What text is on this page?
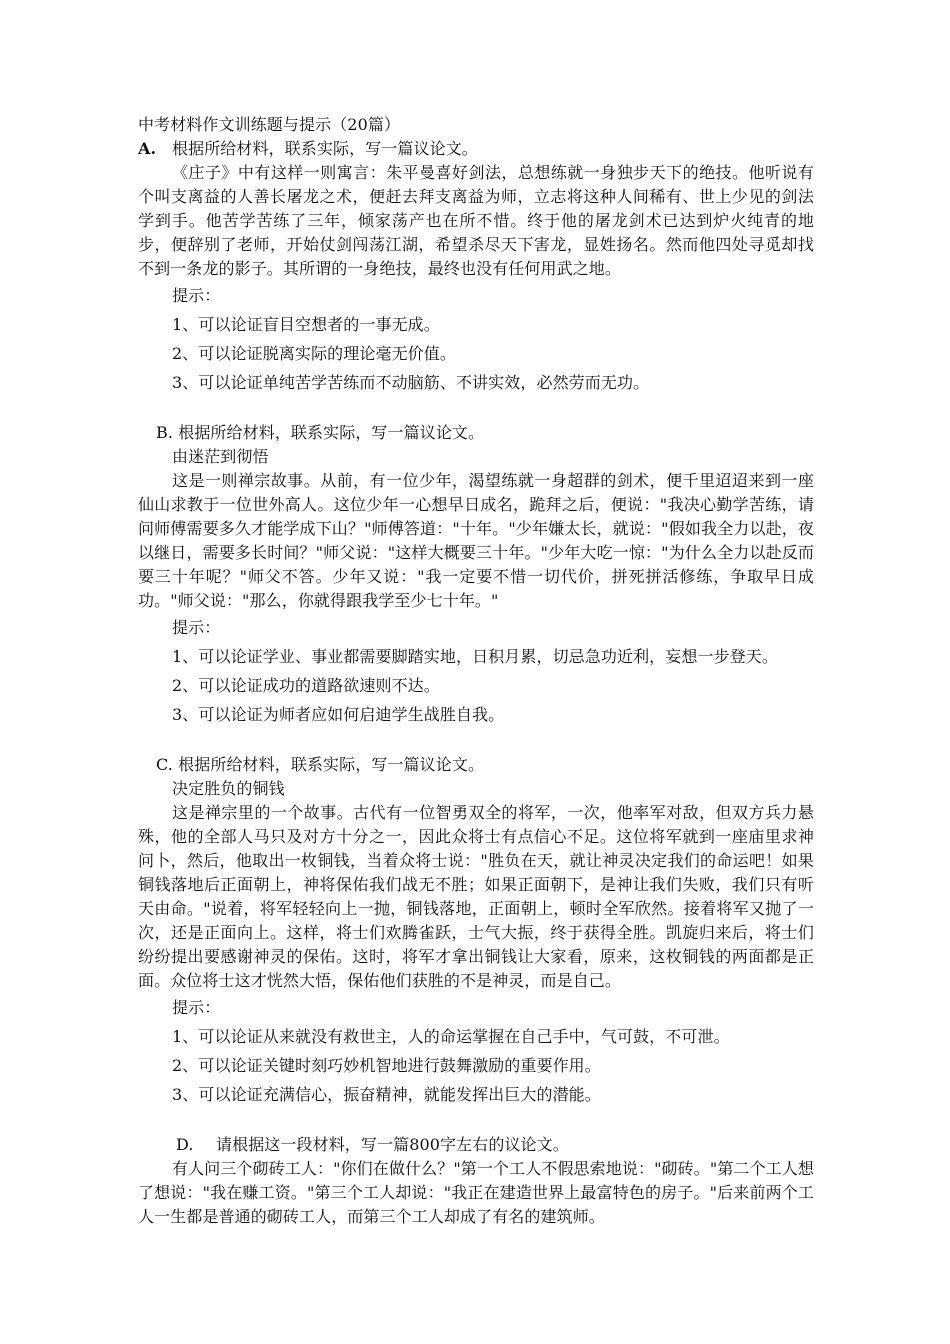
中考材料作文训练题与提示（20篇）

A. 根据所给材料，联系实际，写一篇议论文。

《庄子》中有这样一则寓言：朱平曼喜好剑法，总想练就一身独步天下的绝技。他听说有个叫支离益的人善长屠龙之术，便赶去拜支离益为师，立志将这种人间稀有、世上少见的剑法学到手。他苦学苦练了三年，倾家荡产也在所不惜。终于他的屠龙剑术已达到炉火纯青的地步，便辞别了老师，开始仗剑闯荡江湖，希望杀尽天下害龙，显姓扬名。然而他四处寻觅却找不到一条龙的影子。其所谓的一身绝技，最终也没有任何用武之地。

提示：

1、可以论证盲目空想者的一事无成。

2、可以论证脱离实际的理论毫无价值。

3、可以论证单纯苦学苦练而不动脑筋、不讲实效，必然劳而无功。

B. 根据所给材料，联系实际，写一篇议论文。

由迷茫到彻悟

这是一则禅宗故事。从前，有一位少年，渴望练就一身超群的剑术，便千里迢迢来到一座仙山求教于一位世外高人。这位少年一心想早日成名，跪拜之后，便说："我决心勤学苦练，请问师傅需要多久才能学成下山？"师傅答道："十年。"少年嫌太长，就说："假如我全力以赴，夜以继日，需要多长时间？"师父说："这样大概要三十年。"少年大吃一惊："为什么全力以赴反而要三十年呢？"师父不答。少年又说："我一定要不惜一切代价，拼死拼活修练，争取早日成功。"师父说："那么，你就得跟我学至少七十年。"

提示：

1、可以论证学业、事业都需要脚踏实地，日积月累，切忌急功近利，妄想一步登天。

2、可以论证成功的道路欲速则不达。

3、可以论证为师者应如何启迪学生战胜自我。

C. 根据所给材料，联系实际，写一篇议论文。

决定胜负的铜钱

这是禅宗里的一个故事。古代有一位智勇双全的将军，一次，他率军对敌，但双方兵力悬殊，他的全部人马只及对方十分之一，因此众将士有点信心不足。这位将军就到一座庙里求神问卜，然后，他取出一枚铜钱，当着众将士说："胜负在天，就让神灵决定我们的命运吧！如果铜钱落地后正面朝上，神将保佑我们战无不胜；如果正面朝下，是神让我们失败，我们只有听天由命。"说着，将军轻轻向上一抛，铜钱落地，正面朝上，顿时全军欣然。接着将军又抛了一次，还是正面向上。这样，将士们欢腾雀跃，士气大振，终于获得全胜。凯旋归来后，将士们纷纷提出要感谢神灵的保佑。这时，将军才拿出铜钱让大家看，原来，这枚铜钱的两面都是正面。众位将士这才恍然大悟，保佑他们获胜的不是神灵，而是自己。

提示：

1、可以论证从来就没有救世主，人的命运掌握在自己手中，气可鼓，不可泄。

2、可以论证关键时刻巧妙机智地进行鼓舞激励的重要作用。

3、可以论证充满信心，振奋精神，就能发挥出巨大的潜能。

D. 请根据这一段材料，写一篇800字左右的议论文。

有人问三个砌砖工人："你们在做什么？"第一个工人不假思索地说："砌砖。"第二个工人想了想说："我在赚工资。"第三个工人却说："我正在建造世界上最富特色的房子。"后来前两个工人一生都是普通的砌砖工人，而第三个工人却成了有名的建筑师。
